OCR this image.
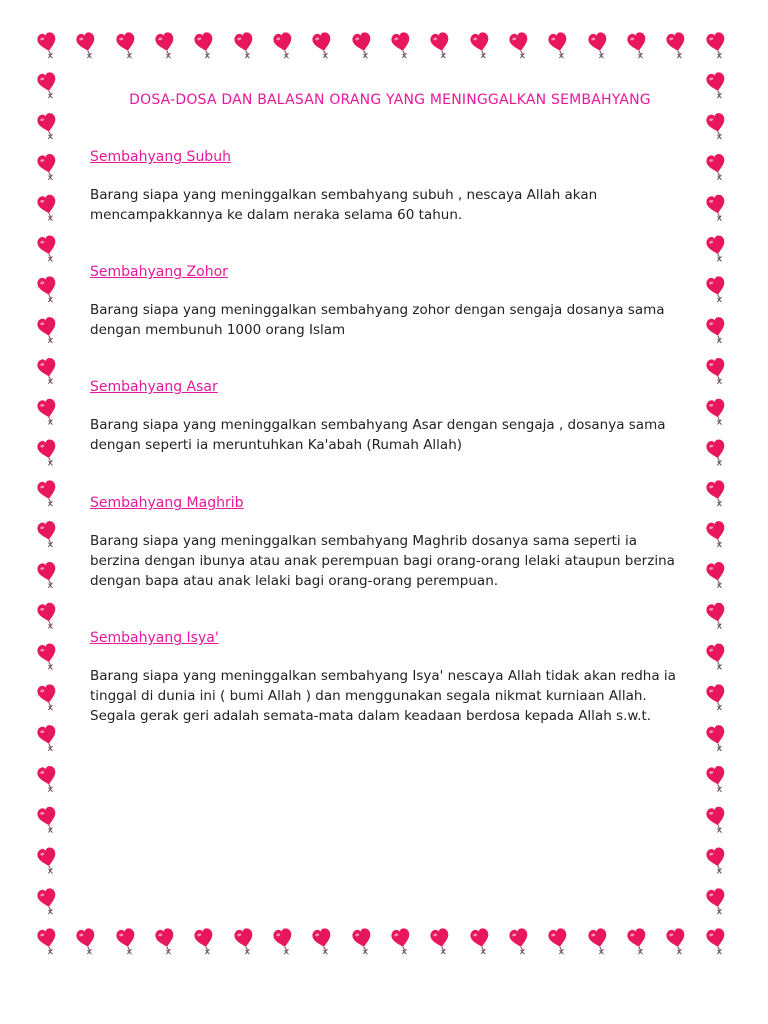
DOSA-DOSA DAN BALASAN ORANG YANG MENINGGALKAN SEMBAHYANG
Sembahyang Subuh

Barang siapa yang meninggalkan sembahyang subuh , nescaya Allah akan mencampakkannya ke dalam neraka selama 60 tahun.

Sembahyang Zohor

Barang siapa yang meninggalkan sembahyang zohor dengan sengaja dosanya sama dengan membunuh 1000 orang Islam

Sembahyang Asar

Barang siapa yang meninggalkan sembahyang Asar dengan sengaja , dosanya sama dengan seperti ia meruntuhkan Ka'abah (Rumah Allah)

Sembahyang Maghrib

Barang siapa yang meninggalkan sembahyang Maghrib dosanya sama seperti ia berzina dengan ibunya atau anak perempuan bagi orang-orang lelaki ataupun berzina dengan bapa atau anak lelaki bagi orang-orang perempuan.

Sembahyang Isya'

Barang siapa yang meninggalkan sembahyang Isya' nescaya Allah tidak akan redha ia tinggal di dunia ini ( bumi Allah ) dan menggunakan segala nikmat kurniaan Allah. Segala gerak geri adalah semata-mata dalam keadaan berdosa kepada Allah s.w.t.
